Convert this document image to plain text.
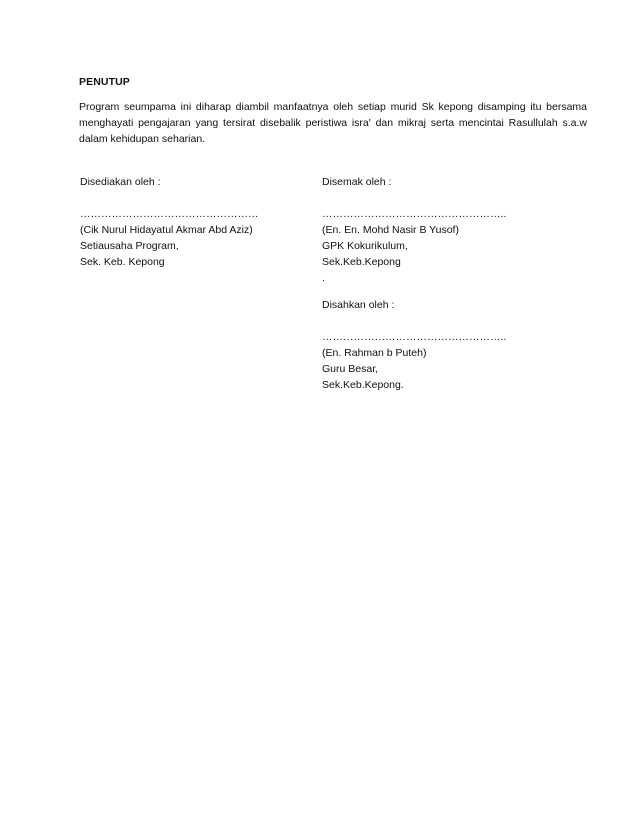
PENUTUP
Program seumpama ini diharap diambil manfaatnya oleh setiap murid Sk kepong disamping itu bersama
menghayati pengajaran yang tersirat disebalik peristiwa isra' dan mikraj serta mencintai Rasullulah s.a.w
dalam kehidupan seharian.
Disediakan oleh :
……………………………………………
(Cik Nurul Hidayatul Akmar Abd Aziz)
Setiausaha Program,
Sek. Keb. Kepong
Disemak oleh :
……………………………………………..
(En. En. Mohd Nasir B Yusof)
GPK Kokurikulum,
Sek.Keb.Kepong
.
Disahkan oleh :
……………………………………………..
(En. Rahman b Puteh)
Guru Besar,
Sek.Keb.Kepong.
